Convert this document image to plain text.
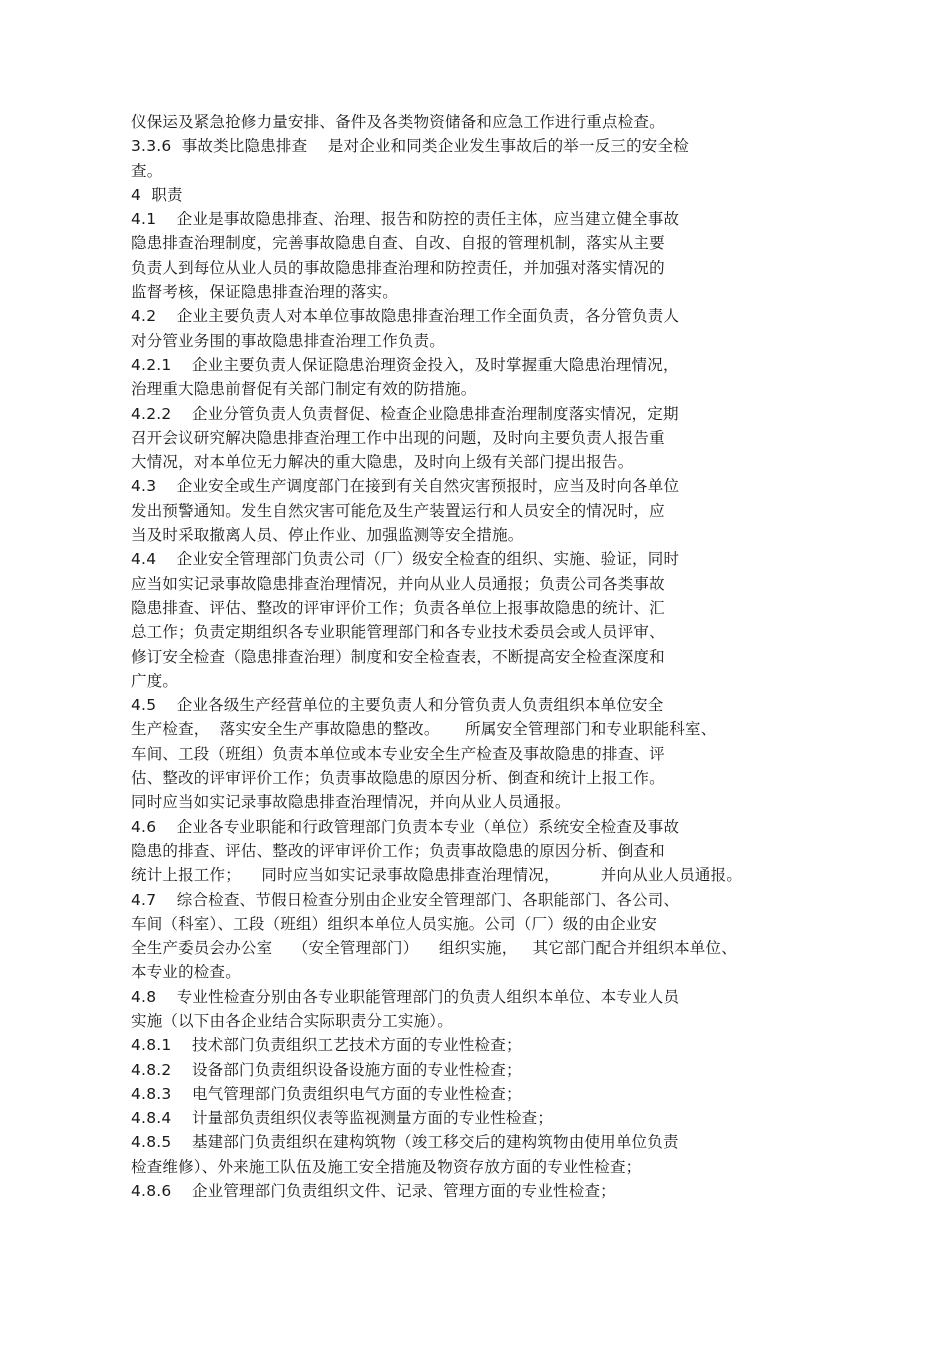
仪保运及紧急抢修力量安排、备件及各类物资储备和应急工作进行重点检查。
3.3.6  事故类比隐患排查    是对企业和同类企业发生事故后的举一反三的安全检
查。
4  职责
4.1    企业是事故隐患排查、治理、报告和防控的责任主体，应当建立健全事故
隐患排查治理制度，完善事故隐患自查、自改、自报的管理机制，落实从主要
负责人到每位从业人员的事故隐患排查治理和防控责任，并加强对落实情况的
监督考核，保证隐患排查治理的落实。
4.2    企业主要负责人对本单位事故隐患排查治理工作全面负责，各分管负责人
对分管业务围的事故隐患排查治理工作负责。
4.2.1    企业主要负责人保证隐患治理资金投入，及时掌握重大隐患治理情况，
治理重大隐患前督促有关部门制定有效的防措施。
4.2.2    企业分管负责人负责督促、检查企业隐患排查治理制度落实情况，定期
召开会议研究解决隐患排查治理工作中出现的问题，及时向主要负责人报告重
大情况，对本单位无力解决的重大隐患，及时向上级有关部门提出报告。
4.3    企业安全或生产调度部门在接到有关自然灾害预报时，应当及时向各单位
发出预警通知。发生自然灾害可能危及生产装置运行和人员安全的情况时，应
当及时采取撤离人员、停止作业、加强监测等安全措施。
4.4    企业安全管理部门负责公司（厂）级安全检查的组织、实施、验证，同时
应当如实记录事故隐患排查治理情况，并向从业人员通报；负责公司各类事故
隐患排查、评估、整改的评审评价工作；负责各单位上报事故隐患的统计、汇
总工作；负责定期组织各专业职能管理部门和各专业技术委员会或人员评审、
修订安全检查（隐患排查治理）制度和安全检查表，不断提高安全检查深度和
广度。
4.5    企业各级生产经营单位的主要负责人和分管负责人负责组织本单位安全
生产检查，  落实安全生产事故隐患的整改。     所属安全管理部门和专业职能科室、
车间、工段（班组）负责本单位或本专业安全生产检查及事故隐患的排查、评
估、整改的评审评价工作；负责事故隐患的原因分析、倒查和统计上报工作。
同时应当如实记录事故隐患排查治理情况，并向从业人员通报。
4.6    企业各专业职能和行政管理部门负责本专业（单位）系统安全检查及事故
隐患的排查、评估、整改的评审评价工作；负责事故隐患的原因分析、倒查和
统计上报工作；    同时应当如实记录事故隐患排查治理情况，        并向从业人员通报。
4.7    综合检查、节假日检查分别由企业安全管理部门、各职能部门、各公司、
车间（科室）、工段（班组）组织本单位人员实施。公司（厂）级的由企业安
全生产委员会办公室    （安全管理部门）    组织实施，   其它部门配合并组织本单位、
本专业的检查。
4.8    专业性检查分别由各专业职能管理部门的负责人组织本单位、本专业人员
实施（以下由各企业结合实际职责分工实施）。
4.8.1    技术部门负责组织工艺技术方面的专业性检查；
4.8.2    设备部门负责组织设备设施方面的专业性检查；
4.8.3    电气管理部门负责组织电气方面的专业性检查；
4.8.4    计量部负责组织仪表等监视测量方面的专业性检查；
4.8.5    基建部门负责组织在建构筑物（竣工移交后的建构筑物由使用单位负责
检查维修）、外来施工队伍及施工安全措施及物资存放方面的专业性检查；
4.8.6    企业管理部门负责组织文件、记录、管理方面的专业性检查；
